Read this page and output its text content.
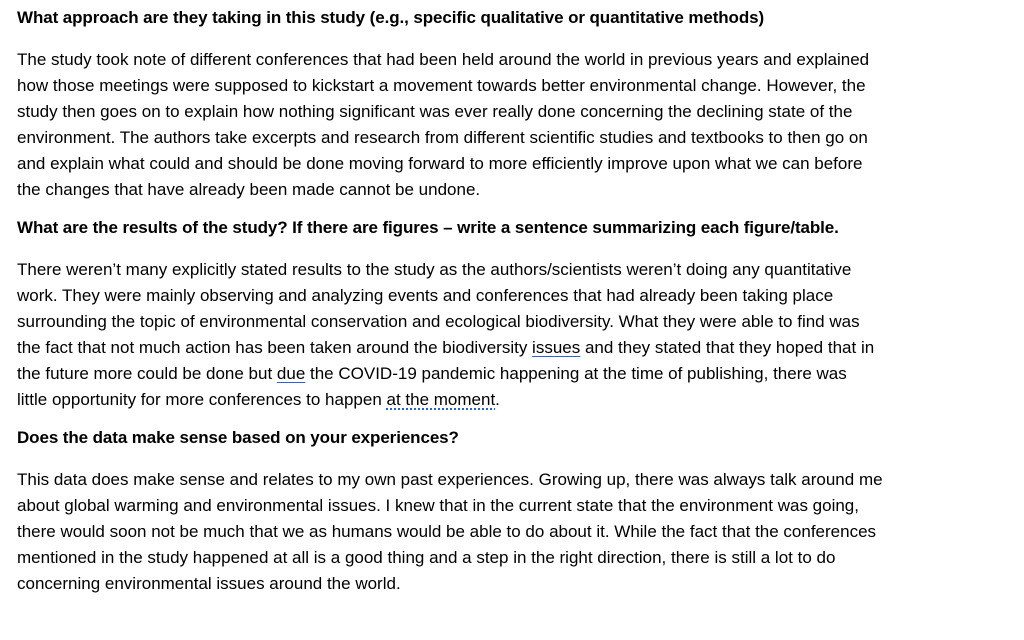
What approach are they taking in this study (e.g., specific qualitative or quantitative methods)
The study took note of different conferences that had been held around the world in previous years and explained
how those meetings were supposed to kickstart a movement towards better environmental change. However, the
study then goes on to explain how nothing significant was ever really done concerning the declining state of the
environment. The authors take excerpts and research from different scientific studies and textbooks to then go on
and explain what could and should be done moving forward to more efficiently improve upon what we can before
the changes that have already been made cannot be undone.
What are the results of the study? If there are figures – write a sentence summarizing each figure/table.
There weren’t many explicitly stated results to the study as the authors/scientists weren’t doing any quantitative
work. They were mainly observing and analyzing events and conferences that had already been taking place
surrounding the topic of environmental conservation and ecological biodiversity. What they were able to find was
the fact that not much action has been taken around the biodiversity issues and they stated that they hoped that in
the future more could be done but due the COVID-19 pandemic happening at the time of publishing, there was
little opportunity for more conferences to happen at the moment.
Does the data make sense based on your experiences?
This data does make sense and relates to my own past experiences. Growing up, there was always talk around me
about global warming and environmental issues. I knew that in the current state that the environment was going,
there would soon not be much that we as humans would be able to do about it. While the fact that the conferences
mentioned in the study happened at all is a good thing and a step in the right direction, there is still a lot to do
concerning environmental issues around the world.
